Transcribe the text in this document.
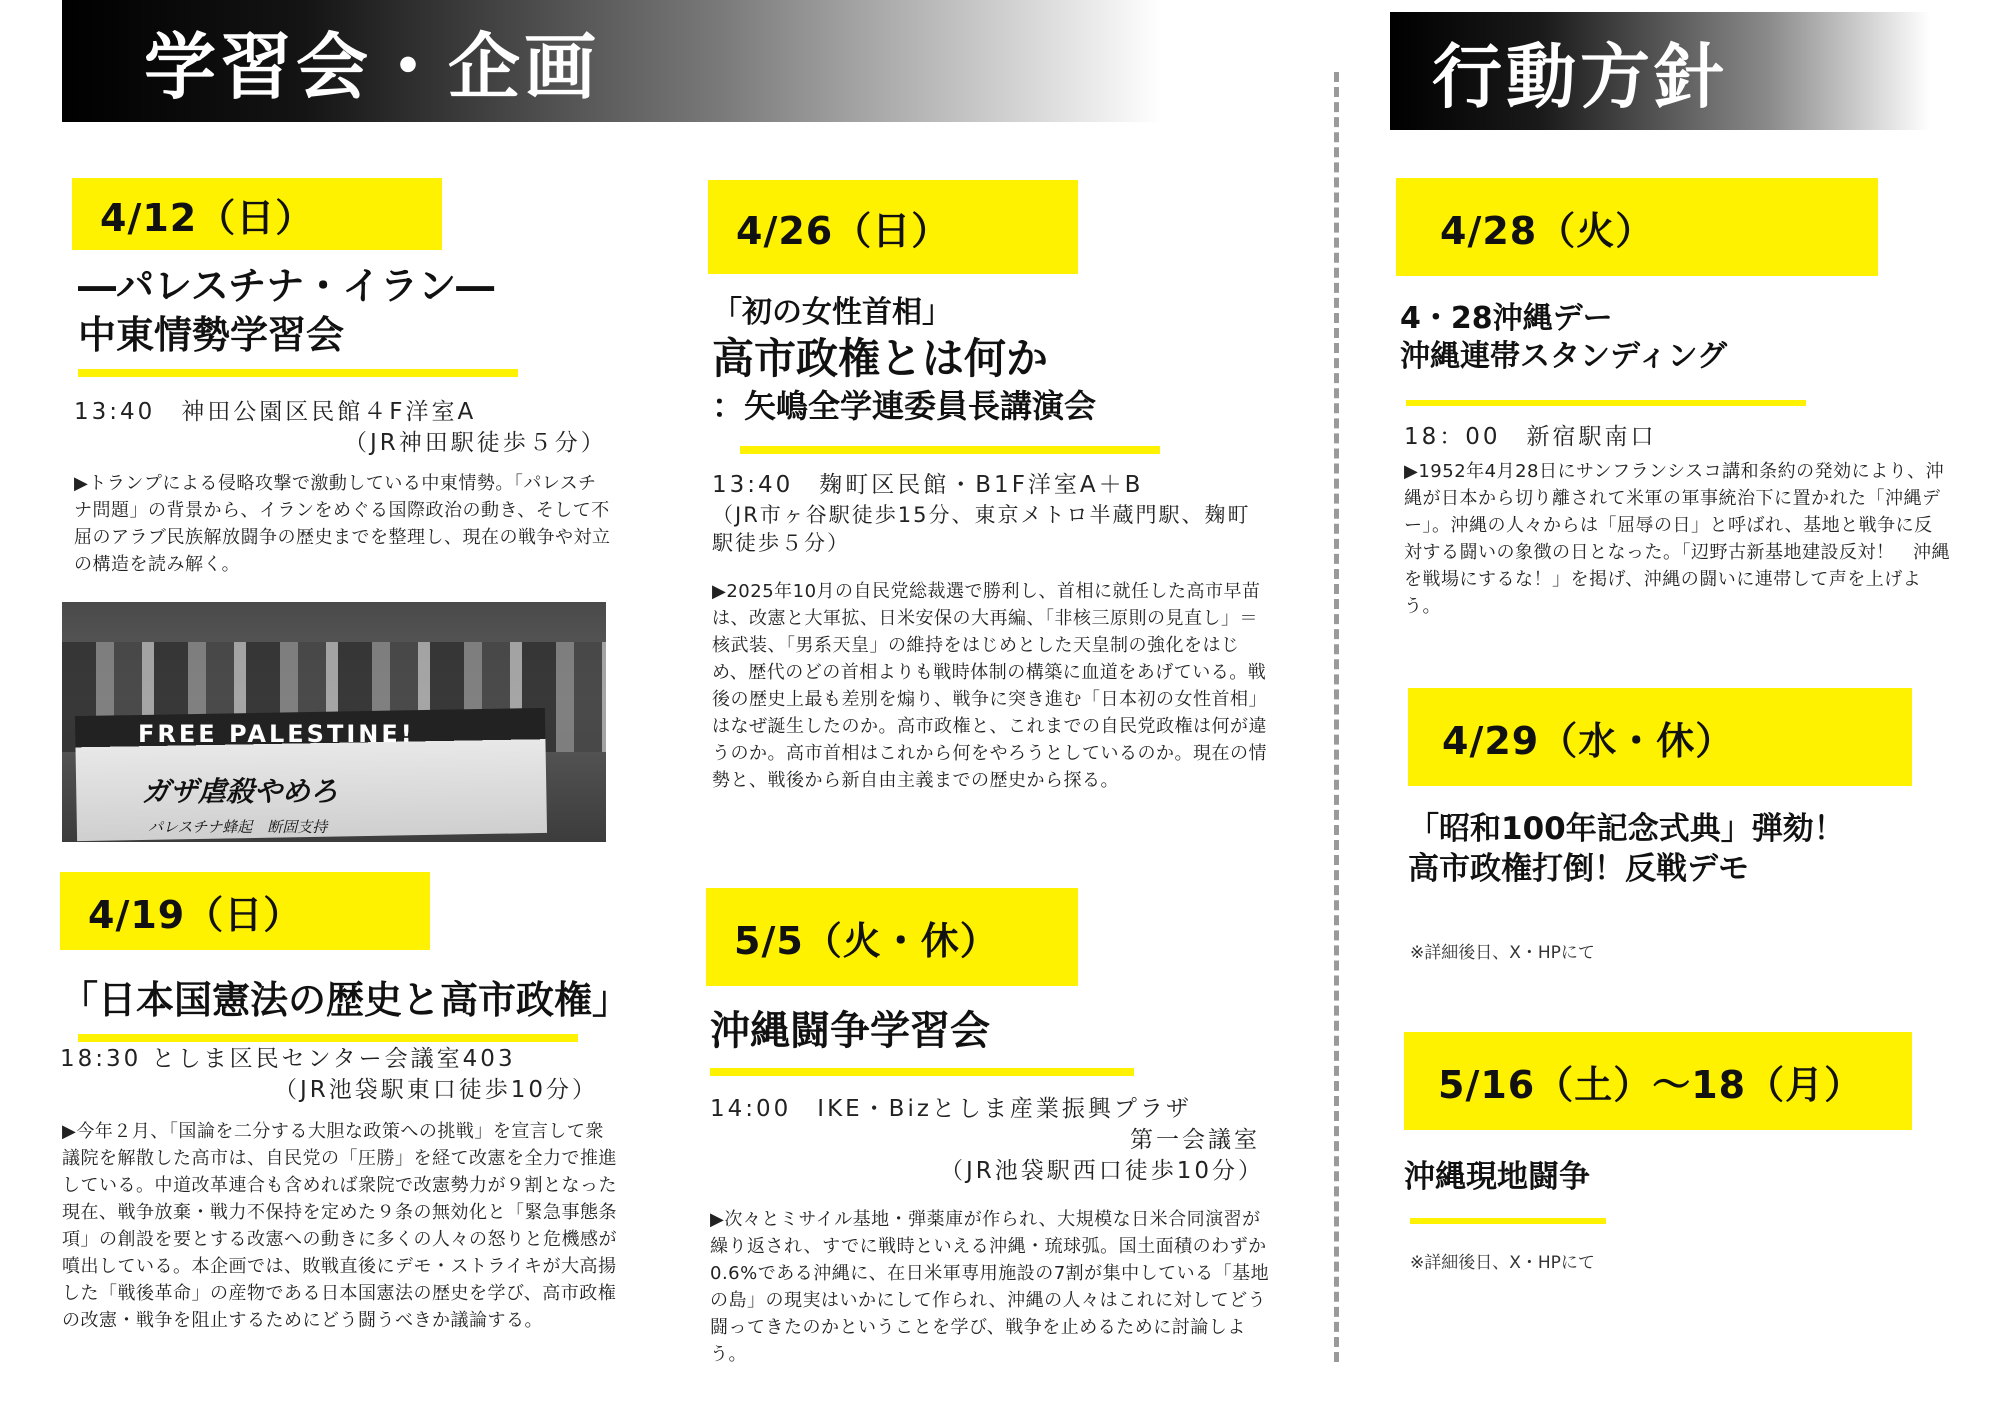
学習会・企画	行動方針
4/12（日）
―パレスチナ・イラン―
中東情勢学習会
13:40　神田公園区民館４F洋室A
（JR神田駅徒歩５分）
▶トランプによる侵略攻撃で激動している中東情勢。「パレスチナ問題」の背景から、イランをめぐる国際政治の動き、そして不屈のアラブ民族解放闘争の歴史までを整理し、現在の戦争や対立の構造を読み解く。
FREE PALESTINE!
ガザ虐殺やめろ
パレスチナ蜂起　断固支持
4/19（日）
「日本国憲法の歴史と高市政権」
18:30 としま区民センター会議室403
（JR池袋駅東口徒歩10分）
▶今年２月、「国論を二分する大胆な政策への挑戦」を宣言して衆議院を解散した高市は、自民党の「圧勝」を経て改憲を全力で推進している。中道改革連合も含めれば衆院で改憲勢力が９割となった現在、戦争放棄・戦力不保持を定めた９条の無効化と「緊急事態条項」の創設を要とする改憲への動きに多くの人々の怒りと危機感が噴出している。本企画では、敗戦直後にデモ・ストライキが大高揚した「戦後革命」の産物である日本国憲法の歴史を学び、高市政権の改憲・戦争を阻止するためにどう闘うべきか議論する。
4/26（日）
「初の女性首相」
高市政権とは何か
：矢嶋全学連委員長講演会
13:40　麹町区民館・B1F洋室A＋B
（JR市ヶ谷駅徒歩15分、東京メトロ半蔵門駅、麹町駅徒歩５分）
▶2025年10月の自民党総裁選で勝利し、首相に就任した高市早苗は、改憲と大軍拡、日米安保の大再編、「非核三原則の見直し」＝核武装、「男系天皇」の維持をはじめとした天皇制の強化をはじめ、歴代のどの首相よりも戦時体制の構築に血道をあげている。戦後の歴史上最も差別を煽り、戦争に突き進む「日本初の女性首相」はなぜ誕生したのか。高市政権と、これまでの自民党政権は何が違うのか。高市首相はこれから何をやろうとしているのか。現在の情勢と、戦後から新自由主義までの歴史から探る。
5/5（火・休）
沖縄闘争学習会
14:00　IKE・Bizとしま産業振興プラザ
第一会議室
（JR池袋駅西口徒歩10分）
▶次々とミサイル基地・弾薬庫が作られ、大規模な日米合同演習が繰り返され、すでに戦時といえる沖縄・琉球弧。国土面積のわずか0.6%である沖縄に、在日米軍専用施設の7割が集中している「基地の島」の現実はいかにして作られ、沖縄の人々はこれに対してどう闘ってきたのかということを学び、戦争を止めるために討論しよう。
4/28（火）
4・28沖縄デー
沖縄連帯スタンディング
18：00　新宿駅南口
▶1952年4月28日にサンフランシスコ講和条約の発効により、沖縄が日本から切り離されて米軍の軍事統治下に置かれた「沖縄デー」。沖縄の人々からは「屈辱の日」と呼ばれ、基地と戦争に反対する闘いの象徴の日となった。「辺野古新基地建設反対！　沖縄を戦場にするな！」を掲げ、沖縄の闘いに連帯して声を上げよう。
4/29（水・休）
「昭和100年記念式典」弾劾！
高市政権打倒！反戦デモ
※詳細後日、X・HPにて
5/16（土）～18（月）
沖縄現地闘争
※詳細後日、X・HPにて
